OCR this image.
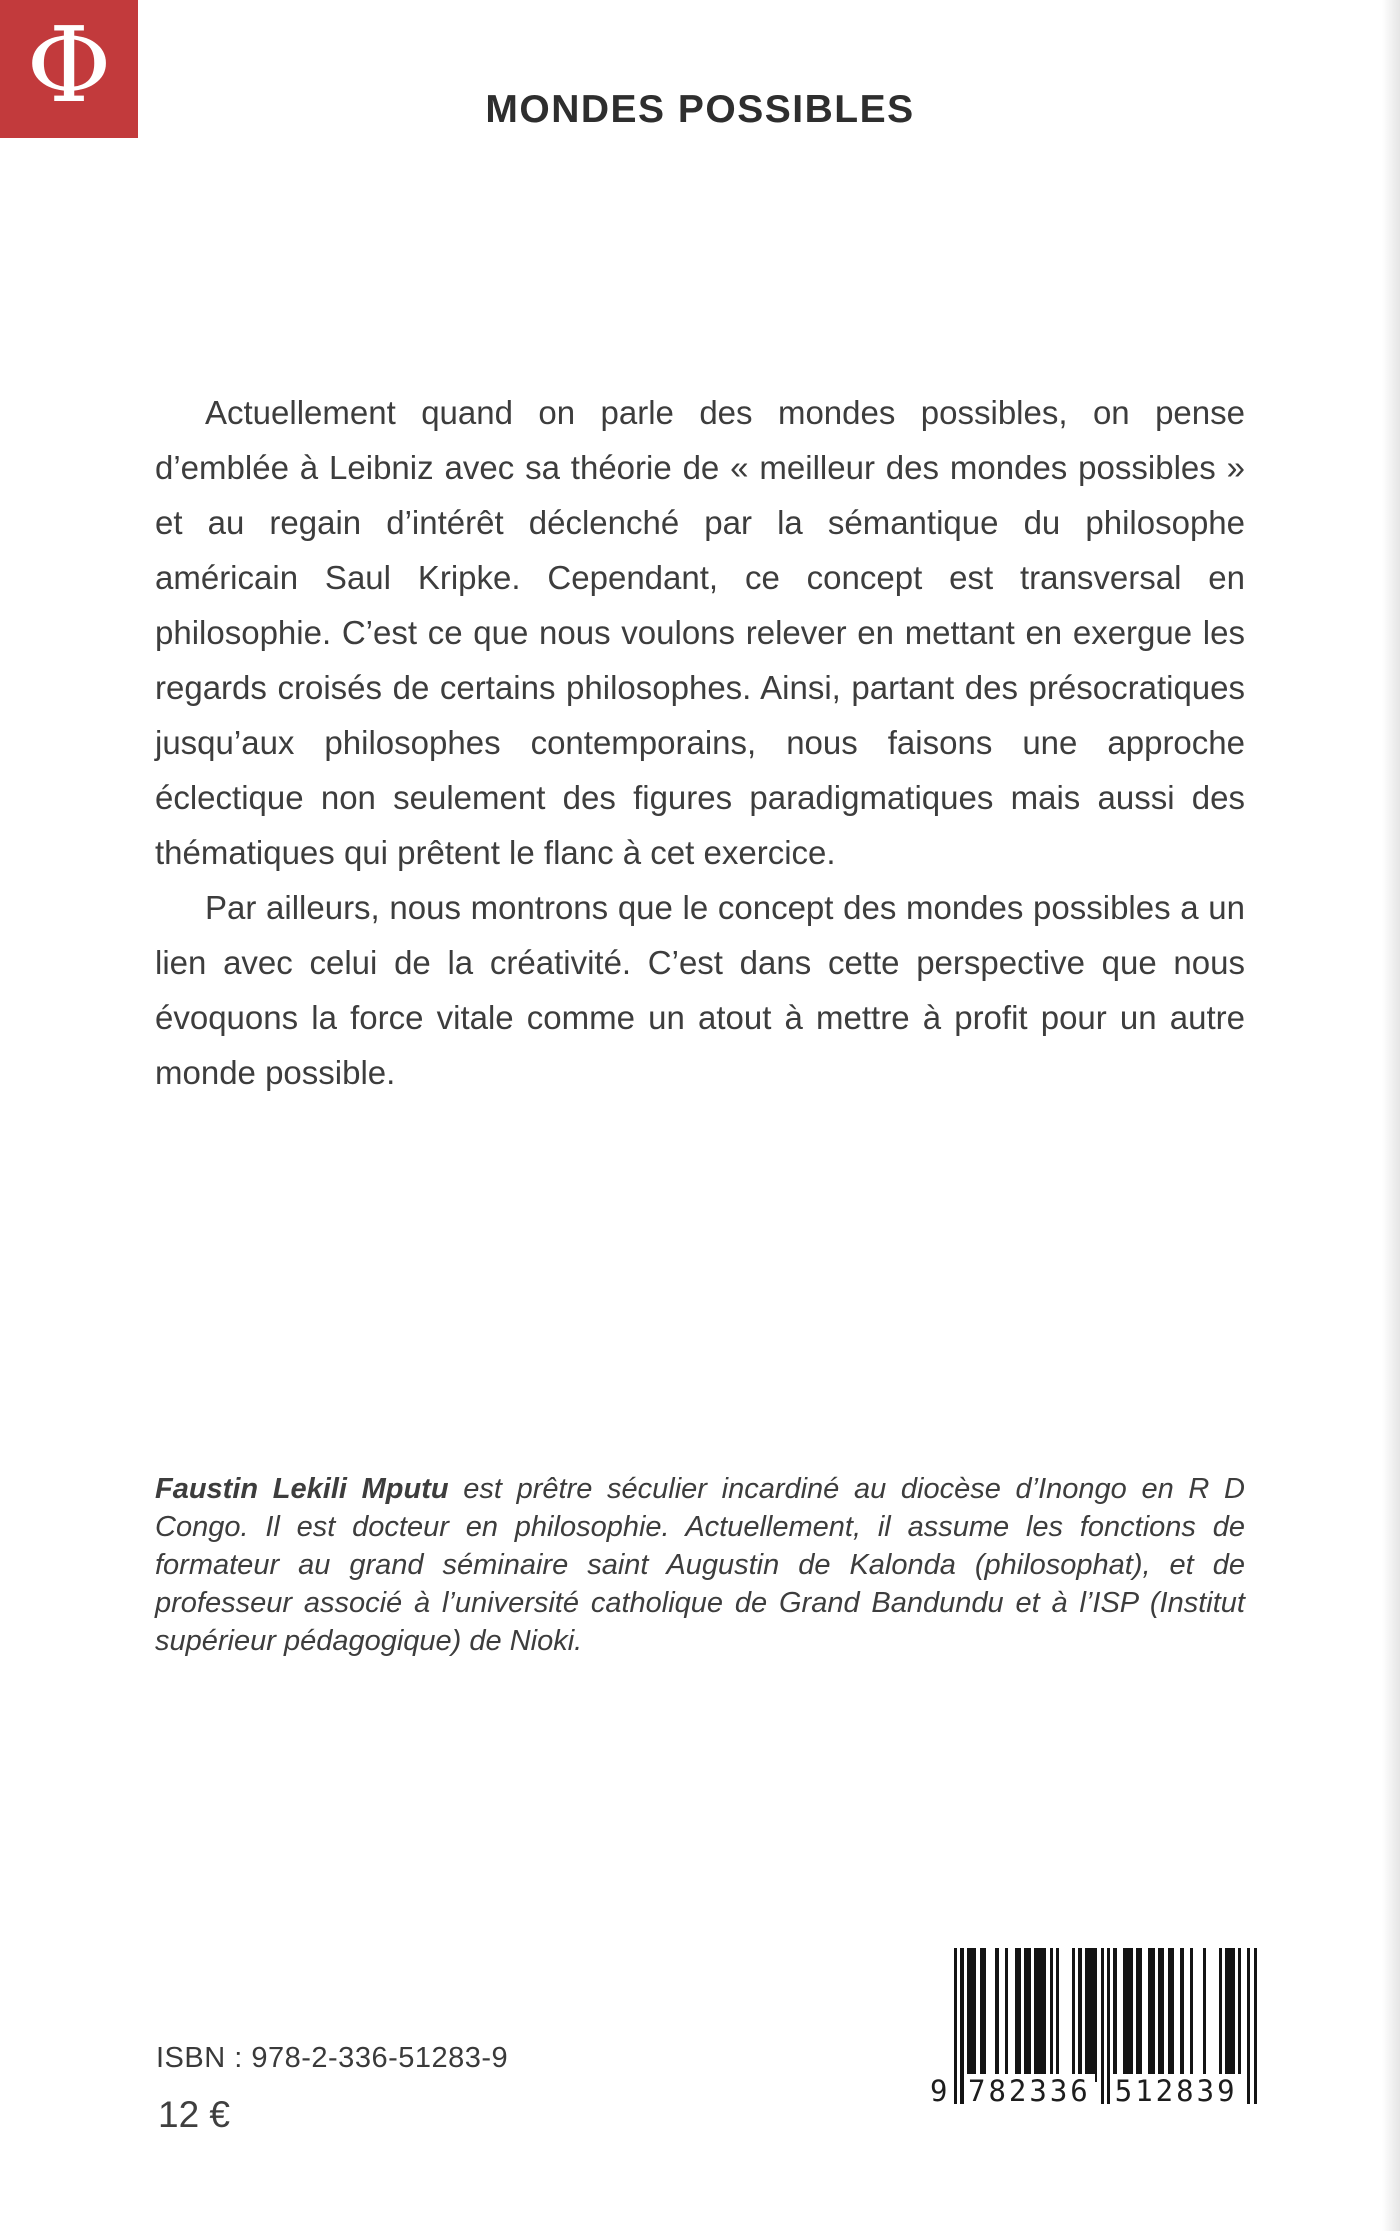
Φ	MONDES POSSIBLES

Actuellement quand on parle des mondes possibles, on pense d’emblée à Leibniz avec sa théorie de « meilleur des mondes possibles » et au regain d’intérêt déclenché par la sémantique du philosophe américain Saul Kripke. Cependant, ce concept est transversal en philosophie. C’est ce que nous voulons relever en mettant en exergue les regards croisés de certains philosophes. Ainsi, partant des présocratiques jusqu’aux philosophes contemporains, nous faisons une approche éclectique non seulement des figures paradigmatiques mais aussi des thématiques qui prêtent le flanc à cet exercice.

Par ailleurs, nous montrons que le concept des mondes possibles a un lien avec celui de la créativité. C’est dans cette perspective que nous évoquons la force vitale comme un atout à mettre à profit pour un autre monde possible.

Faustin Lekili Mputu est prêtre séculier incardiné au diocèse d’Inongo en R D Congo. Il est docteur en philosophie. Actuellement, il assume les fonctions de formateur au grand séminaire saint Augustin de Kalonda (philosophat), et de professeur associé à l’université catholique de Grand Bandundu et à l’ISP (Institut supérieur pédagogique) de Nioki.

ISBN : 978-2-336-51283-9
12 €
9 782336 512839
